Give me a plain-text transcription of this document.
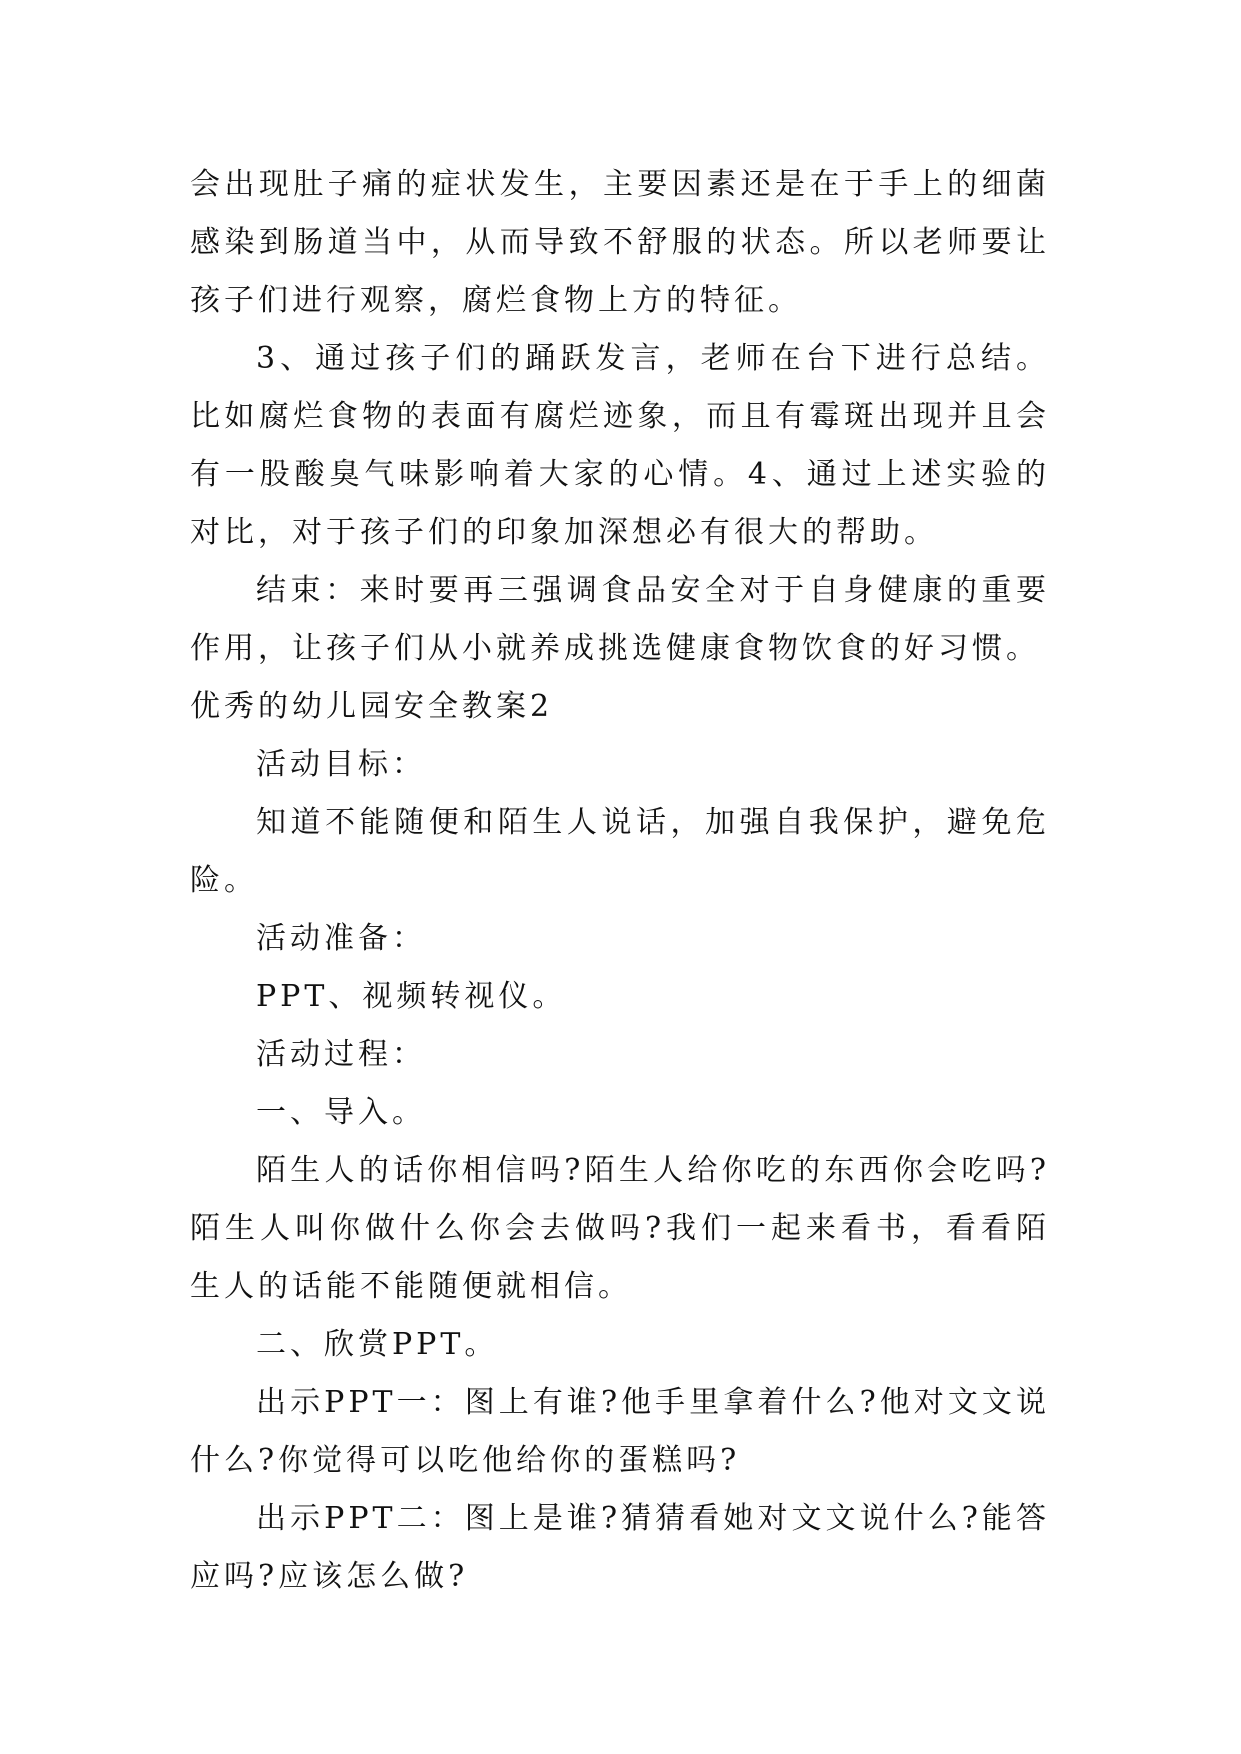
会出现肚子痛的症状发生，主要因素还是在于手上的细菌感染到肠道当中，从而导致不舒服的状态。所以老师要让孩子们进行观察，腐烂食物上方的特征。

3、通过孩子们的踊跃发言，老师在台下进行总结。比如腐烂食物的表面有腐烂迹象，而且有霉斑出现并且会有一股酸臭气味影响着大家的心情。4、通过上述实验的对比，对于孩子们的印象加深想必有很大的帮助。

结束：来时要再三强调食品安全对于自身健康的重要作用，让孩子们从小就养成挑选健康食物饮食的好习惯。

优秀的幼儿园安全教案2

活动目标：

知道不能随便和陌生人说话，加强自我保护，避免危险。

活动准备：

PPT、视频转视仪。

活动过程：

一、导入。

陌生人的话你相信吗?陌生人给你吃的东西你会吃吗?陌生人叫你做什么你会去做吗?我们一起来看书，看看陌生人的话能不能随便就相信。

二、欣赏PPT。

出示PPT一：图上有谁?他手里拿着什么?他对文文说什么?你觉得可以吃他给你的蛋糕吗?

出示PPT二：图上是谁?猜猜看她对文文说什么?能答应吗?应该怎么做?
